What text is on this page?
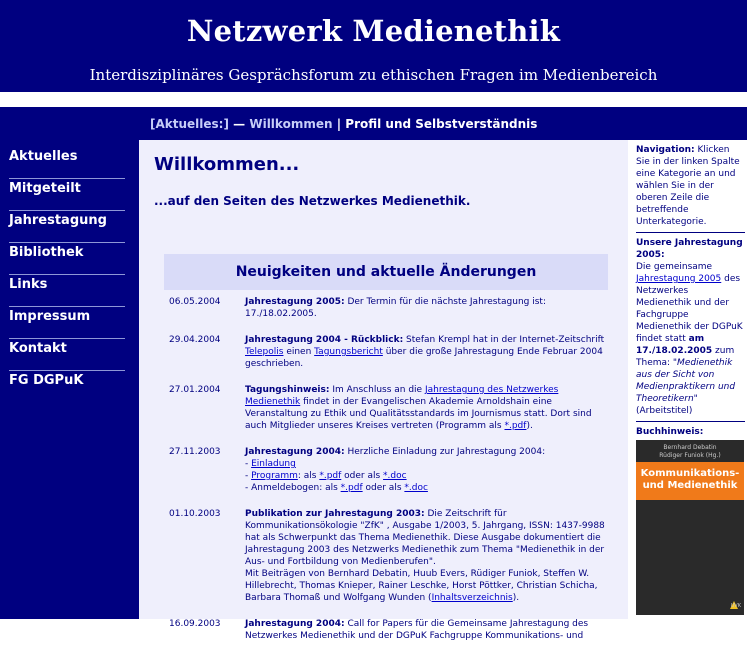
Netzwerk Medienethik
Interdisziplinäres Gesprächsforum zu ethischen Fragen im Medienbereich
[Aktuelles:] — Willkommen | Profil und Selbstverständnis
Aktuelles
Mitgeteilt
Jahrestagung
Bibliothek
Links
Impressum
Kontakt
FG DGPuK
Willkommen...
...auf den Seiten des Netzwerkes Medienethik.
Neuigkeiten und aktuelle Änderungen
06.05.2004	Jahrestagung 2005: Der Termin für die nächste Jahrestagung ist: 17./18.02.2005.
29.04.2004	Jahrestagung 2004 - Rückblick: Stefan Krempl hat in der Internet-Zeitschrift Telepolis einen Tagungsbericht über die große Jahrestagung Ende Februar 2004 geschrieben.
27.01.2004	Tagungshinweis: Im Anschluss an die Jahrestagung des Netzwerkes Medienethik findet in der Evangelischen Akademie Arnoldshain eine Veranstaltung zu Ethik und Qualitätsstandards im Journismus statt. Dort sind auch Mitglieder unseres Kreises vertreten (Programm als *.pdf).
27.11.2003	Jahrestagung 2004: Herzliche Einladung zur Jahrestagung 2004:
- Einladung
- Programm: als *.pdf oder als *.doc
- Anmeldebogen: als *.pdf oder als *.doc
01.10.2003	Publikation zur Jahrestagung 2003: Die Zeitschrift für Kommunikationsökologie "ZfK" , Ausgabe 1/2003, 5. Jahrgang, ISSN: 1437-9988 hat als Schwerpunkt das Thema Medienethik. Diese Ausgabe dokumentiert die Jahrestagung 2003 des Netzwerks Medienethik zum Thema "Medienethik in der Aus- und Fortbildung von Medienberufen".
Mit Beiträgen von Bernhard Debatin, Huub Evers, Rüdiger Funiok, Steffen W. Hillebrecht, Thomas Knieper, Rainer Leschke, Horst Pöttker, Christian Schicha, Barbara Thomaß und Wolfgang Wunden (Inhaltsverzeichnis).
16.09.2003	Jahrestagung 2004: Call for Papers für die Gemeinsame Jahrestagung des Netzwerkes Medienethik und der DGPuK Fachgruppe Kommunikations- und
Navigation: Klicken Sie in der linken Spalte eine Kategorie an und wählen Sie in der oberen Zeile die betreffende Unterkategorie.
Unsere Jahrestagung 2005:
Die gemeinsame Jahrestagung 2005 des Netzwerkes Medienethik und der Fachgruppe Medienethik der DGPuK findet statt am 17./18.02.2005 zum Thema: "Medienethik aus der Sicht von Medienpraktikern und Theoretikern" (Arbeitstitel)
Buchhinweis:
Bernhard Debatin
Rüdiger Funiok (Hg.)
Kommunikations- und Medienethik
UVK
